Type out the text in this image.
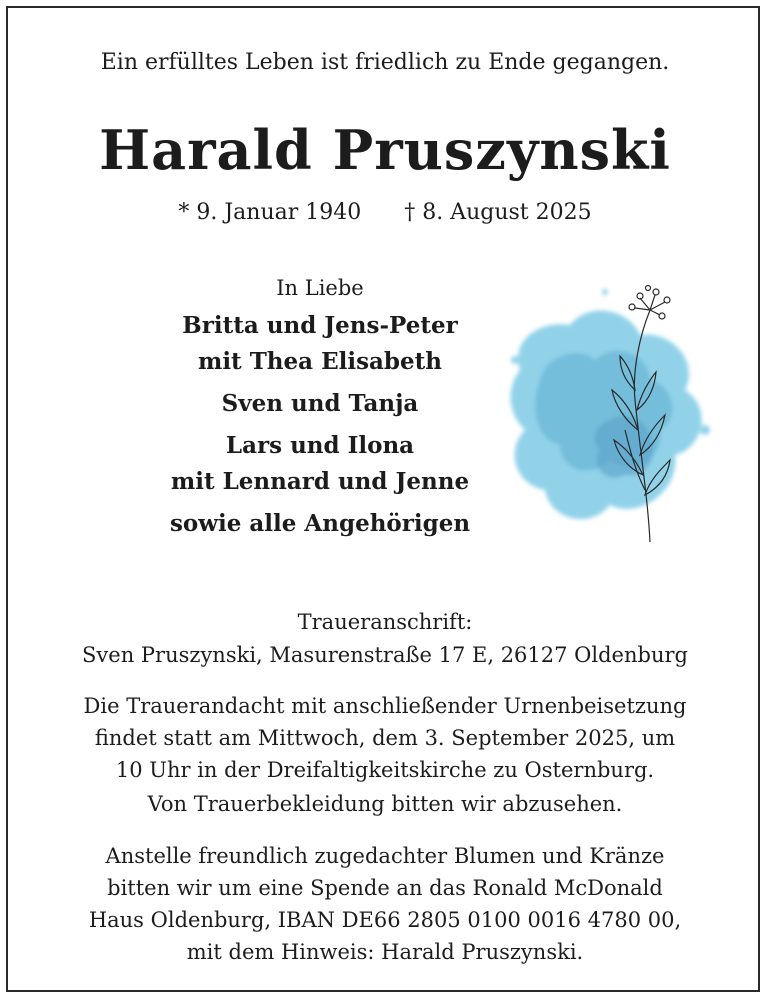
Ein erfülltes Leben ist friedlich zu Ende gegangen.
Harald Pruszynski
* 9. Januar 1940 † 8. August 2025
In Liebe
Britta und Jens-Peter
mit Thea Elisabeth
Sven und Tanja
Lars und Ilona
mit Lennard und Jenne
sowie alle Angehörigen
Traueranschrift:
Sven Pruszynski, Masurenstraße 17 E, 26127 Oldenburg
Die Trauerandacht mit anschließender Urnenbeisetzung
findet statt am Mittwoch, dem 3. September 2025, um
10 Uhr in der Dreifaltigkeitskirche zu Osternburg.
Von Trauerbekleidung bitten wir abzusehen.
Anstelle freundlich zugedachter Blumen und Kränze
bitten wir um eine Spende an das Ronald McDonald
Haus Oldenburg, IBAN DE66 2805 0100 0016 4780 00,
mit dem Hinweis: Harald Pruszynski.
